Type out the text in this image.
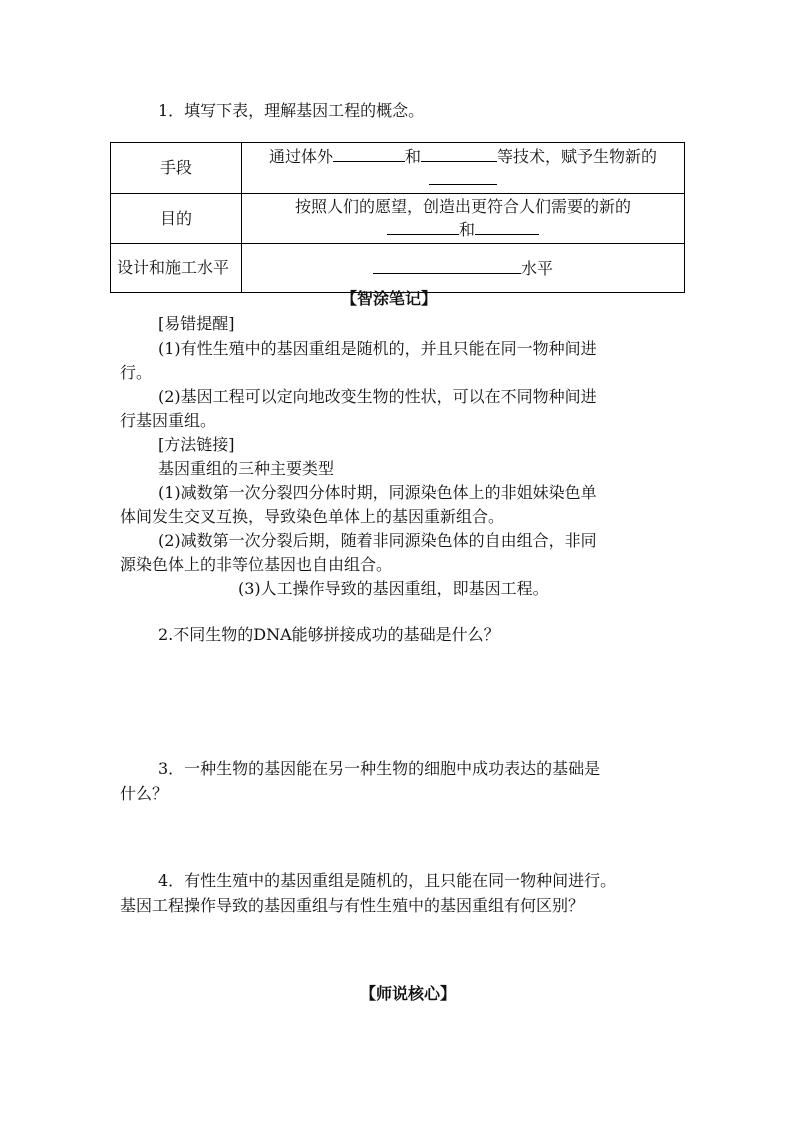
1．填写下表，理解基因工程的概念。
手段	通过体外 和 等技术，赋予生物新的

目的	按照人们的愿望，创造出更符合人们需要的新的
和

设计和施工水平	水平
【智涂笔记】
[易错提醒]
(1)有性生殖中的基因重组是随机的，并且只能在同一物种间进
行。
(2)基因工程可以定向地改变生物的性状，可以在不同物种间进
行基因重组。
[方法链接]
基因重组的三种主要类型
(1)减数第一次分裂四分体时期，同源染色体上的非姐妹染色单
体间发生交叉互换，导致染色单体上的基因重新组合。
(2)减数第一次分裂后期，随着非同源染色体的自由组合，非同
源染色体上的非等位基因也自由组合。
(3)人工操作导致的基因重组，即基因工程。
2.不同生物的DNA能够拼接成功的基础是什么？
3．一种生物的基因能在另一种生物的细胞中成功表达的基础是
什么？
4．有性生殖中的基因重组是随机的，且只能在同一物种间进行。
基因工程操作导致的基因重组与有性生殖中的基因重组有何区别？
【师说核心】
